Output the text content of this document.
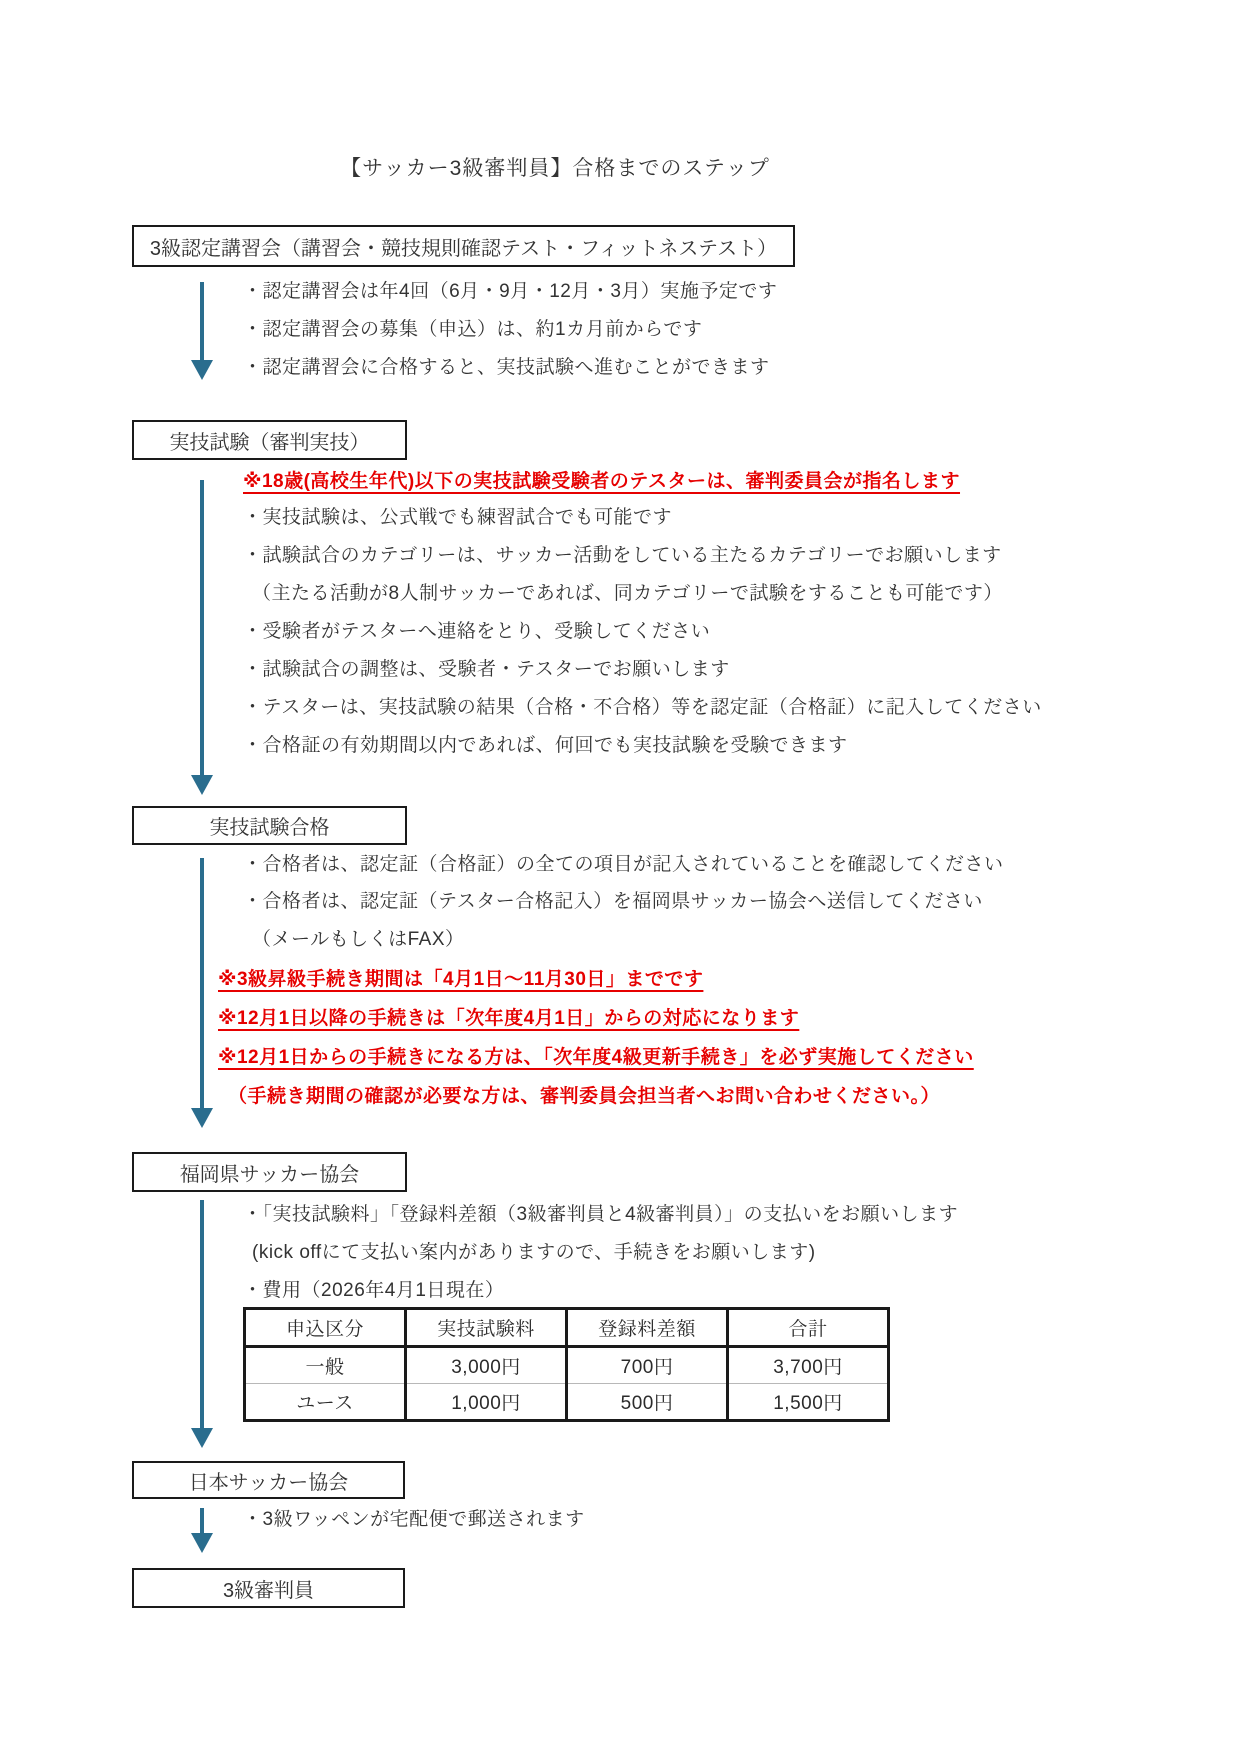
【サッカー3級審判員】合格までのステップ
3級認定講習会（講習会・競技規則確認テスト・フィットネステスト）
・認定講習会は年4回（6月・9月・12月・3月）実施予定です
・認定講習会の募集（申込）は、約1カ月前からです
・認定講習会に合格すると、実技試験へ進むことができます
実技試験（審判実技）
※18歳(高校生年代)以下の実技試験受験者のテスターは、審判委員会が指名します
・実技試験は、公式戦でも練習試合でも可能です
・試験試合のカテゴリーは、サッカー活動をしている主たるカテゴリーでお願いします
（主たる活動が8人制サッカーであれば、同カテゴリーで試験をすることも可能です）
・受験者がテスターへ連絡をとり、受験してください
・試験試合の調整は、受験者・テスターでお願いします
・テスターは、実技試験の結果（合格・不合格）等を認定証（合格証）に記入してください
・合格証の有効期間以内であれば、何回でも実技試験を受験できます
実技試験合格
・合格者は、認定証（合格証）の全ての項目が記入されていることを確認してください
・合格者は、認定証（テスター合格記入）を福岡県サッカー協会へ送信してください
（メールもしくはFAX）
※3級昇級手続き期間は「4月1日～11月30日」までです
※12月1日以降の手続きは「次年度4月1日」からの対応になります
※12月1日からの手続きになる方は、「次年度4級更新手続き」を必ず実施してください
（手続き期間の確認が必要な方は、審判委員会担当者へお問い合わせください。）
福岡県サッカー協会
・「実技試験料」「登録料差額（3級審判員と4級審判員）」の支払いをお願いします
(kick offにて支払い案内がありますので、手続きをお願いします)
・費用（2026年4月1日現在）
申込区分	実技試験料	登録料差額	合計
一般	3,000円	700円	3,700円
ユース	1,000円	500円	1,500円
日本サッカー協会
・3級ワッペンが宅配便で郵送されます
3級審判員
